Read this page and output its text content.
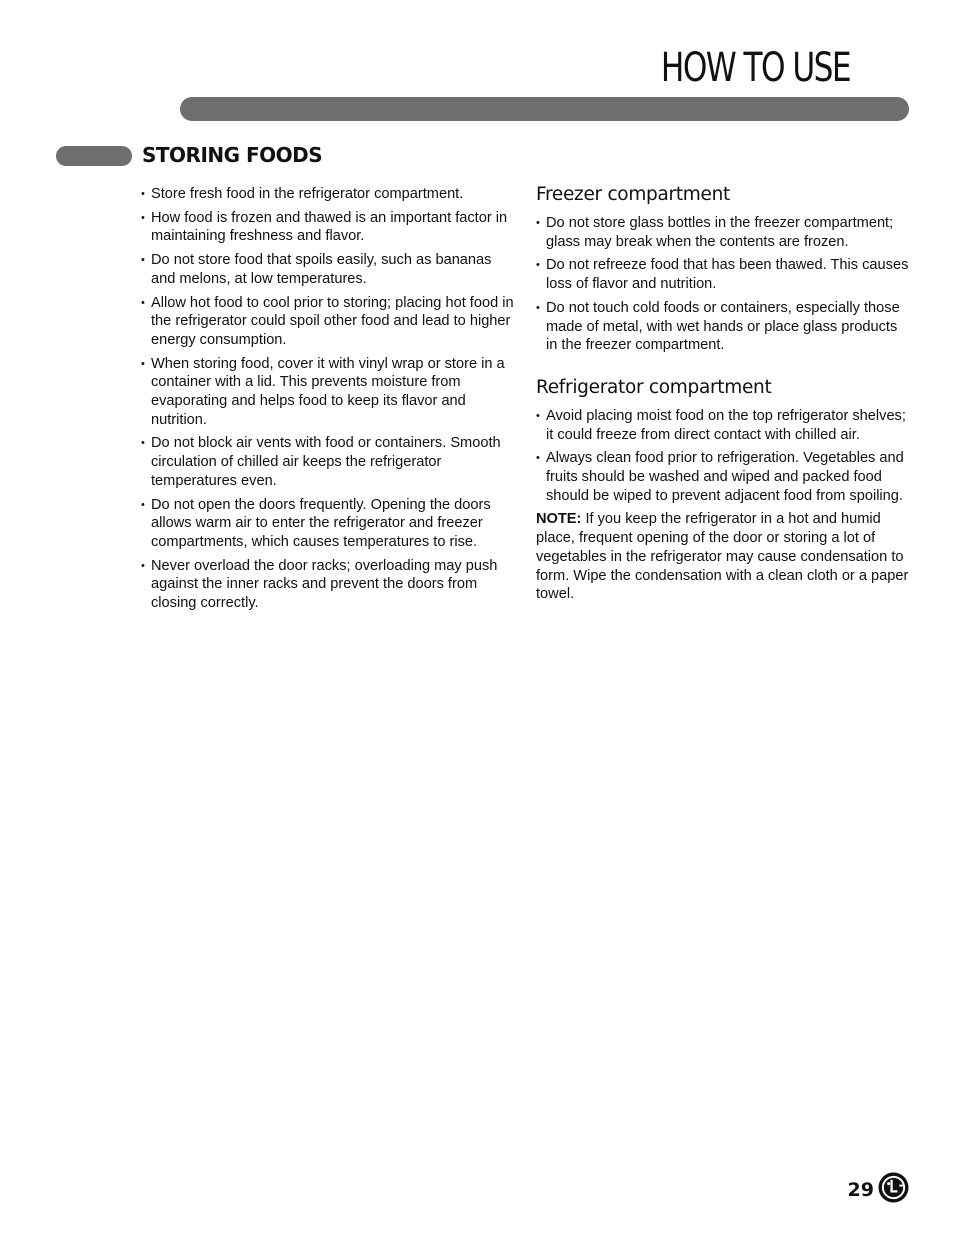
HOW TO USE
STORING FOODS
• Store fresh food in the refrigerator compartment.
• How food is frozen and thawed is an important factor in maintaining freshness and flavor.
• Do not store food that spoils easily, such as bananas and melons, at low temperatures.
• Allow hot food to cool prior to storing; placing hot food in the refrigerator could spoil other food and lead to higher energy consumption.
• When storing food, cover it with vinyl wrap or store in a container with a lid. This prevents moisture from evaporating and helps food to keep its flavor and nutrition.
• Do not block air vents with food or containers. Smooth circulation of chilled air keeps the refrigerator temperatures even.
• Do not open the doors frequently. Opening the doors allows warm air to enter the refrigerator and freezer compartments, which causes temperatures to rise.
• Never overload the door racks; overloading may push against the inner racks and prevent the doors from closing correctly.
Freezer compartment
• Do not store glass bottles in the freezer compartment; glass may break when the contents are frozen.
• Do not refreeze food that has been thawed. This causes loss of flavor and nutrition.
• Do not touch cold foods or containers, especially those made of metal, with wet hands or place glass products in the freezer compartment.
Refrigerator compartment
• Avoid placing moist food on the top refrigerator shelves; it could freeze from direct contact with chilled air.
• Always clean food prior to refrigeration. Vegetables and fruits should be washed and wiped and packed food should be wiped to prevent adjacent food from spoiling.

NOTE: If you keep the refrigerator in a hot and humid place, frequent opening of the door or storing a lot of vegetables in the refrigerator may cause condensation to form. Wipe the condensation with a clean cloth or a paper towel.

29
